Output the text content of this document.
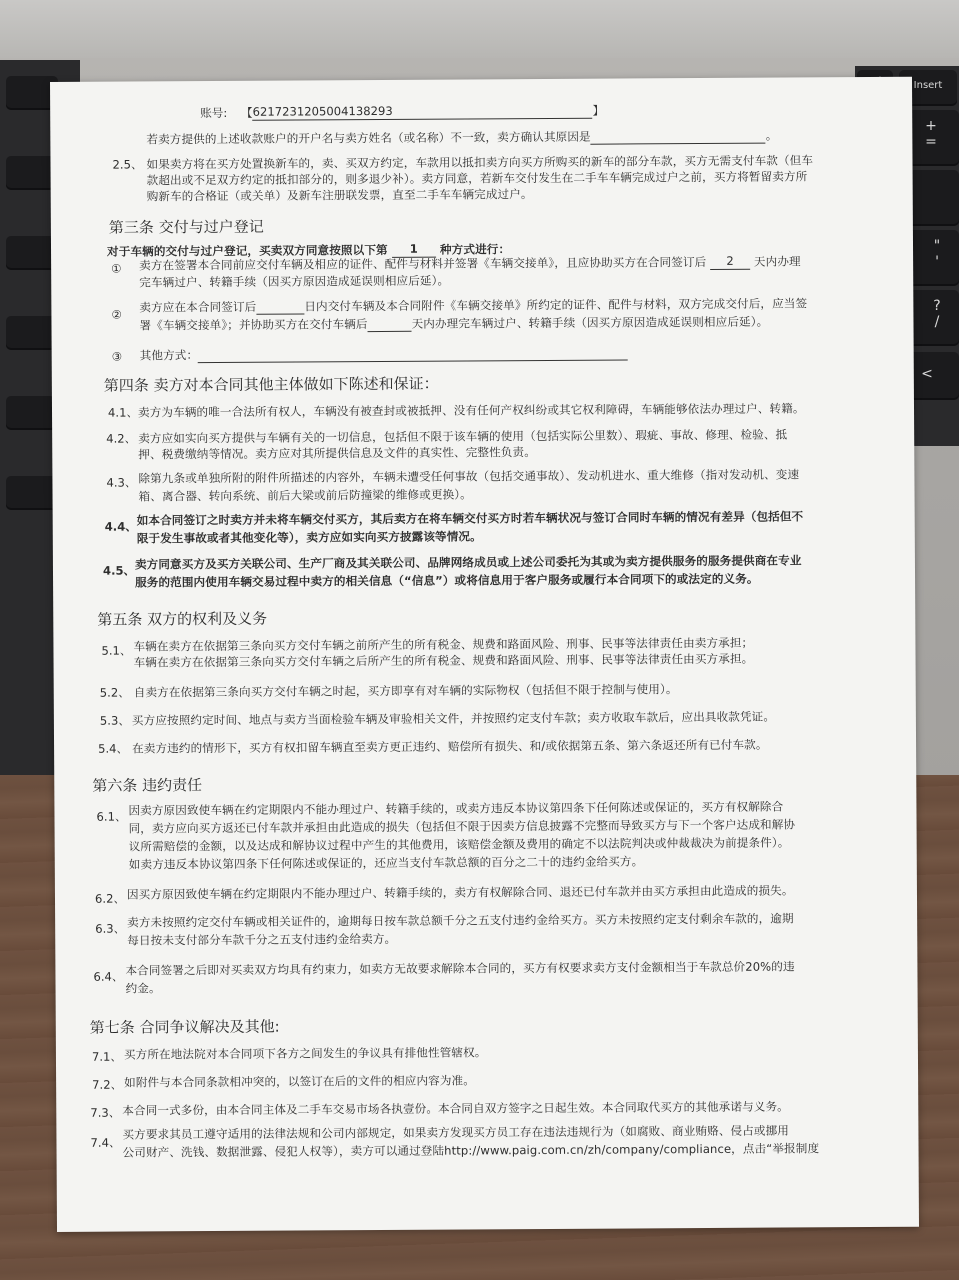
Insert
+
=
"
'
?
/
<
账号: 【6217231205004138293	】
若卖方提供的上述收款账户的开户名与卖方姓名（或名称）不一致，卖方确认其原因是	。
2.5、 如果卖方将在买方处置换新车的，卖、买双方约定，车款用以抵扣卖方向买方所购买的新车的部分车款，买方无需支付车款（但车
款超出或不足双方约定的抵扣部分的，则多退少补）。卖方同意，若新车交付发生在二手车车辆完成过户之前，买方将暂留卖方所
购新车的合格证（或关单）及新车注册联发票，直至二手车车辆完成过户。
第三条 交付与过户登记
对于车辆的交付与过户登记，买卖双方同意按照以下第 1 种方式进行：
① 卖方在签署本合同前应交付车辆及相应的证件、配件与材料并签署《车辆交接单》，且应协助买方在合同签订后 2 天内办理
完车辆过户、转籍手续（因买方原因造成延误则相应后延）。
②
卖方应在本合同签订后	日内交付车辆及本合同附件《车辆交接单》所约定的证件、配件与材料，双方完成交付后，应当签
署《车辆交接单》；并协助买方在交付车辆后	天内办理完车辆过户、转籍手续（因买方原因造成延误则相应后延）。
③ 其他方式：
第四条 卖方对本合同其他主体做如下陈述和保证：
4.1、 卖方为车辆的唯一合法所有权人，车辆没有被查封或被抵押、没有任何产权纠纷或其它权利障碍，车辆能够依法办理过户、转籍。
4.2、 卖方应如实向买方提供与车辆有关的一切信息，包括但不限于该车辆的使用（包括实际公里数）、瑕疵、事故、修理、检验、抵
押、税费缴纳等情况。卖方应对其所提供信息及文件的真实性、完整性负责。
4.3、 除第九条或单独所附的附件所描述的内容外，车辆未遭受任何事故（包括交通事故）、发动机进水、重大维修（指对发动机、变速
箱、离合器、转向系统、前后大梁或前后防撞梁的维修或更换）。
4.4、 如本合同签订之时卖方并未将车辆交付买方，其后卖方在将车辆交付买方时若车辆状况与签订合同时车辆的情况有差异（包括但不
限于发生事故或者其他变化等），卖方应如实向买方披露该等情况。
4.5、 卖方同意买方及买方关联公司、生产厂商及其关联公司、品牌网络成员或上述公司委托为其或为卖方提供服务的服务提供商在专业
服务的范围内使用车辆交易过程中卖方的相关信息（“信息”）或将信息用于客户服务或履行本合同项下的或法定的义务。
第五条 双方的权利及义务
5.1、 车辆在卖方在依据第三条向买方交付车辆之前所产生的所有税金、规费和路面风险、刑事、民事等法律责任由卖方承担；
车辆在卖方在依据第三条向买方交付车辆之后所产生的所有税金、规费和路面风险、刑事、民事等法律责任由买方承担。
5.2、 自卖方在依据第三条向买方交付车辆之时起，买方即享有对车辆的实际物权（包括但不限于控制与使用）。
5.3、 买方应按照约定时间、地点与卖方当面检验车辆及审验相关文件，并按照约定支付车款；卖方收取车款后，应出具收款凭证。
5.4、 在卖方违约的情形下，买方有权扣留车辆直至卖方更正违约、赔偿所有损失、和/或依据第五条、第六条返还所有已付车款。
第六条 违约责任
6.1、 因卖方原因致使车辆在约定期限内不能办理过户、转籍手续的，或卖方违反本协议第四条下任何陈述或保证的，买方有权解除合
同，卖方应向买方返还已付车款并承担由此造成的损失（包括但不限于因卖方信息披露不完整而导致买方与下一个客户达成和解协
议所需赔偿的金额，以及达成和解协议过程中产生的其他费用，该赔偿金额及费用的确定不以法院判决或仲裁裁决为前提条件）。
如卖方违反本协议第四条下任何陈述或保证的，还应当支付车款总额的百分之二十的违约金给买方。
6.2、 因买方原因致使车辆在约定期限内不能办理过户、转籍手续的，卖方有权解除合同、退还已付车款并由买方承担由此造成的损失。
6.3、 卖方未按照约定交付车辆或相关证件的，逾期每日按车款总额千分之五支付违约金给买方。买方未按照约定支付剩余车款的，逾期
每日按未支付部分车款千分之五支付违约金给卖方。
6.4、 本合同签署之后即对买卖双方均具有约束力，如卖方无故要求解除本合同的，买方有权要求卖方支付金额相当于车款总价20%的违
约金。
第七条 合同争议解决及其他:
7.1、 买方所在地法院对本合同项下各方之间发生的争议具有排他性管辖权。
7.2、 如附件与本合同条款相冲突的，以签订在后的文件的相应内容为准。
7.3、 本合同一式多份，由本合同主体及二手车交易市场各执壹份。本合同自双方签字之日起生效。本合同取代买方的其他承诺与义务。
7.4、
买方要求其员工遵守适用的法律法规和公司内部规定，如果卖方发现买方员工存在违法违规行为（如腐败、商业贿赂、侵占或挪用
公司财产、洗钱、数据泄露、侵犯人权等），卖方可以通过登陆http://www.paig.com.cn/zh/company/compliance，点击“举报制度
